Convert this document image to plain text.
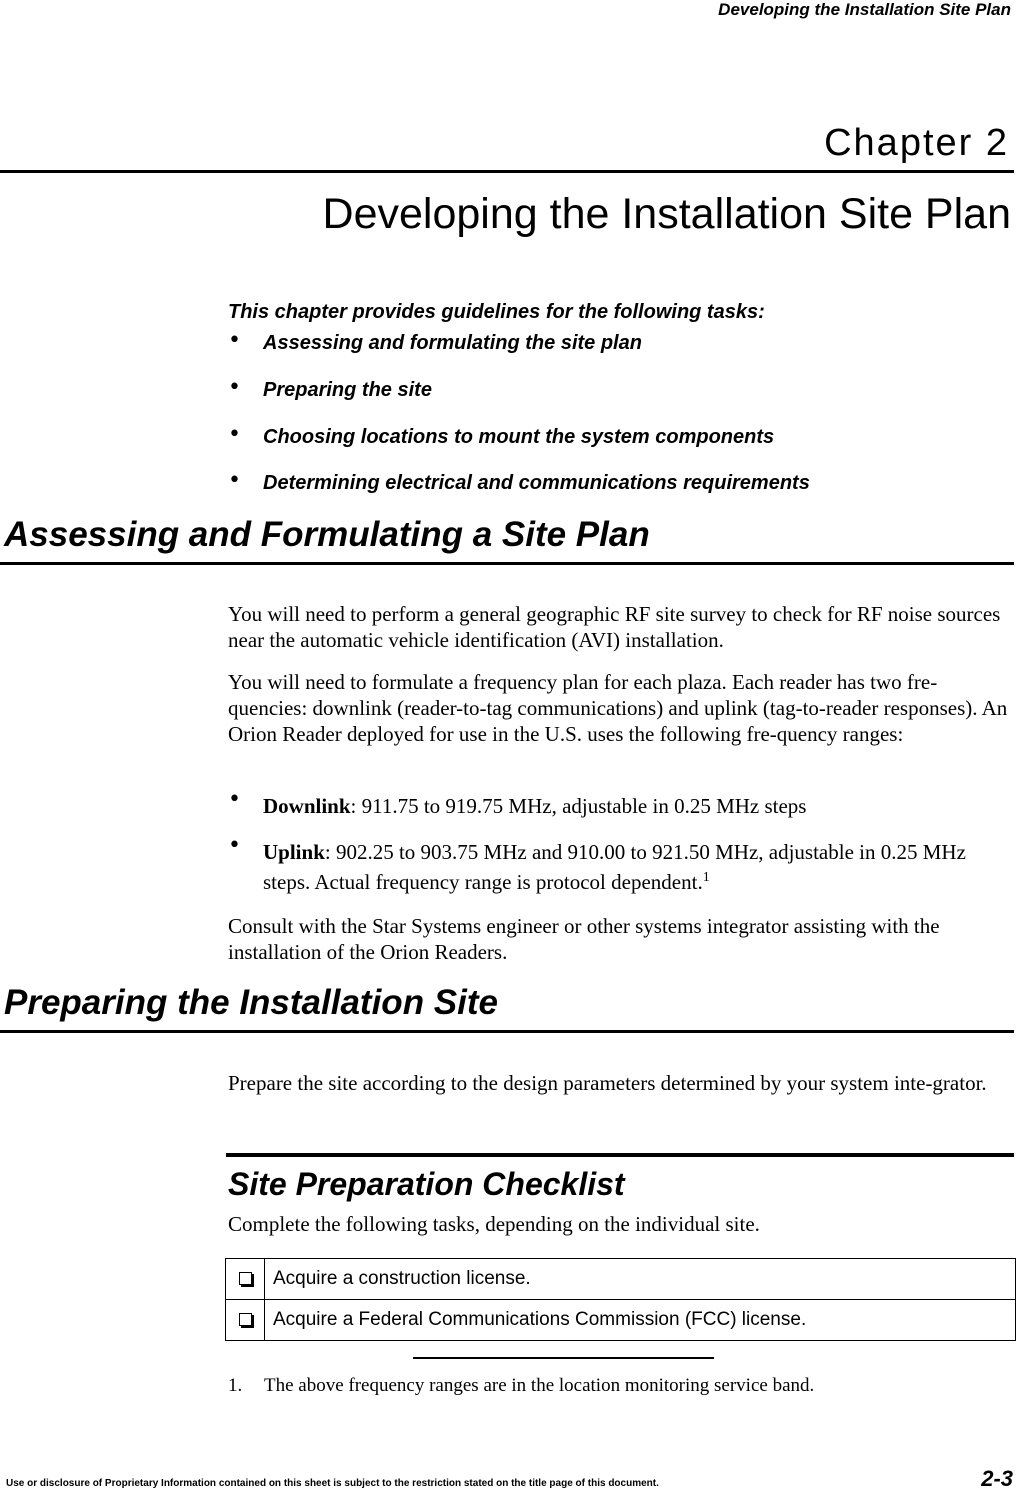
Developing the Installation Site Plan
Chapter 2
Developing the Installation Site Plan
This chapter provides guidelines for the following tasks:
• Assessing and formulating the site plan
• Preparing the site
• Choosing locations to mount the system components
• Determining electrical and communications requirements
Assessing and Formulating a Site Plan
You will need to perform a general geographic RF site survey to check for RF noise sources near the automatic vehicle identification (AVI) installation.
You will need to formulate a frequency plan for each plaza. Each reader has two fre-quencies: downlink (reader-to-tag communications) and uplink (tag-to-reader responses). An Orion Reader deployed for use in the U.S. uses the following fre-quency ranges:
• Downlink: 911.75 to 919.75 MHz, adjustable in 0.25 MHz steps
• Uplink: 902.25 to 903.75 MHz and 910.00 to 921.50 MHz, adjustable in 0.25 MHz steps. Actual frequency range is protocol dependent.$^1$
Consult with the Star Systems engineer or other systems integrator assisting with the installation of the Orion Readers.
Preparing the Installation Site
Prepare the site according to the design parameters determined by your system inte-grator.
Site Preparation Checklist
Complete the following tasks, depending on the individual site.
	Acquire a construction license.
	Acquire a Federal Communications Commission (FCC) license.
1. The above frequency ranges are in the location monitoring service band.
Use or disclosure of Proprietary Information contained on this sheet is subject to the restriction stated on the title page of this document.	2-3
